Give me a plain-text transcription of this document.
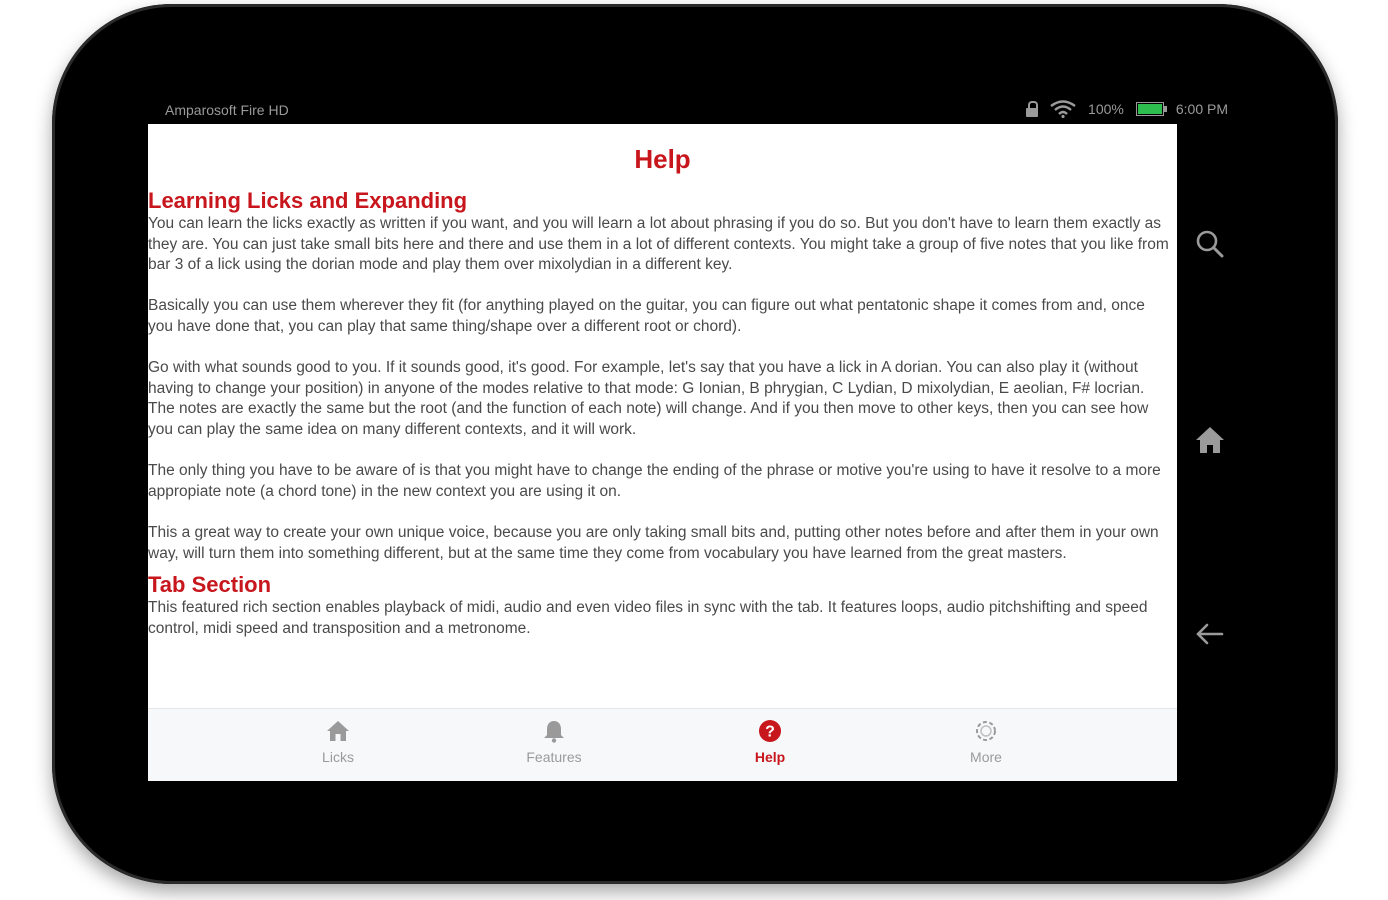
Amparosoft Fire HD	100%	6:00 PM
Help
Learning Licks and Expanding

You can learn the licks exactly as written if you want, and you will learn a lot about phrasing if you do so. But you don't have to learn them exactly as they are. You can just take small bits here and there and use them in a lot of different contexts. You might take a group of five notes that you like from bar 3 of a lick using the dorian mode and play them over mixolydian in a different key.

Basically you can use them wherever they fit (for anything played on the guitar, you can figure out what pentatonic shape it comes from and, once you have done that, you can play that same thing/shape over a different root or chord).

Go with what sounds good to you. If it sounds good, it's good. For example, let's say that you have a lick in A dorian. You can also play it (without having to change your position) in anyone of the modes relative to that mode: G Ionian, B phrygian, C Lydian, D mixolydian, E aeolian, F# locrian. The notes are exactly the same but the root (and the function of each note) will change. And if you then move to other keys, then you can see how you can play the same idea on many different contexts, and it will work.

The only thing you have to be aware of is that you might have to change the ending of the phrase or motive you're using to have it resolve to a more appropiate note (a chord tone) in the new context you are using it on.

This a great way to create your own unique voice, because you are only taking small bits and, putting other notes before and after them in your own way, will turn them into something different, but at the same time they come from vocabulary you have learned from the great masters.

Tab Section

This featured rich section enables playback of midi, audio and even video files in sync with the tab. It features loops, audio pitchshifting and speed control, midi speed and transposition and a metronome.

Licks	Features
?
Help	More
